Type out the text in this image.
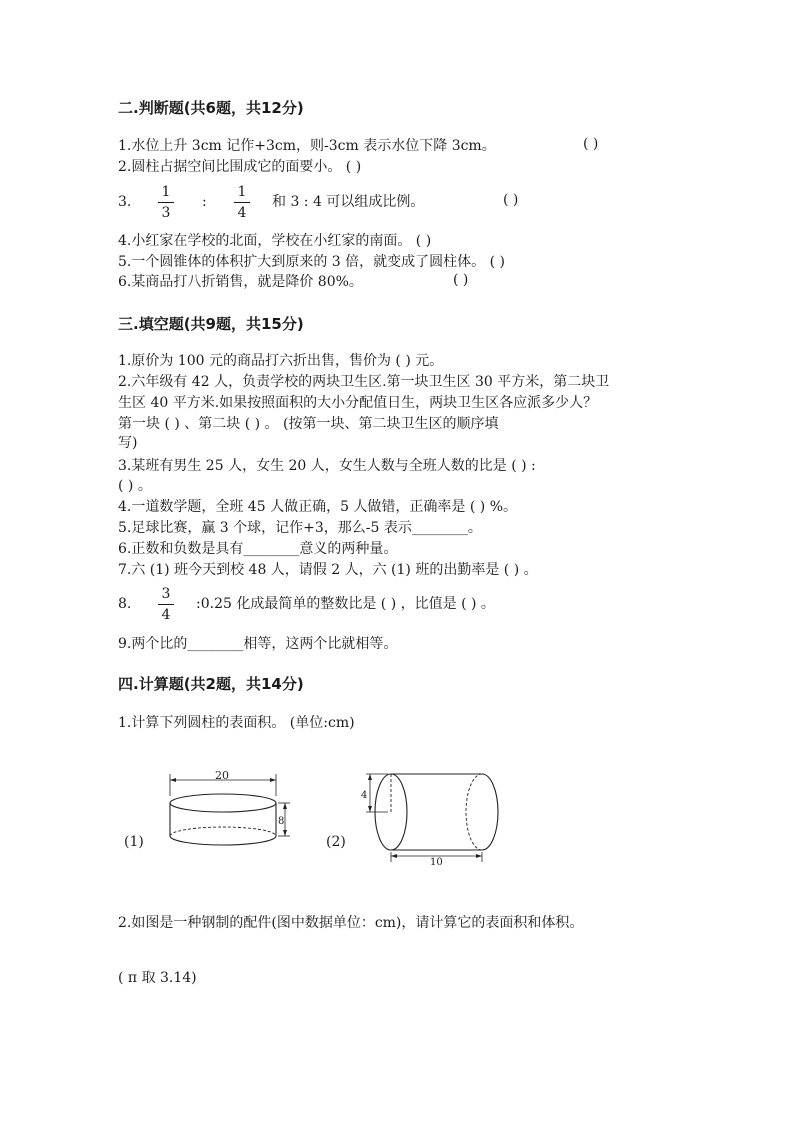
二.判断题(共6题，共12分)
1.水位上升 3cm 记作+3cm，则-3cm 表示水位下降 3cm。	( )
2.圆柱占据空间比围成它的面要小。 ( )
3.
1
3
:
1
4
和 3 : 4 可以组成比例。	( )
4.小红家在学校的北面，学校在小红家的南面。 ( )
5.一个圆锥体的体积扩大到原来的 3 倍，就变成了圆柱体。 ( )
6.某商品打八折销售，就是降价 80%。	( )
三.填空题(共9题，共15分)
1.原价为 100 元的商品打六折出售，售价为 ( ) 元。
2.六年级有 42 人，负责学校的两块卫生区.第一块卫生区 30 平方米，第二块卫
生区 40 平方米.如果按照面积的大小分配值日生，两块卫生区各应派多少人？
第一块 ( ) 、第二块 ( ) 。 (按第一块、第二块卫生区的顺序填
写)
3.某班有男生 25 人，女生 20 人，女生人数与全班人数的比是 ( ) :
( ) 。
4.一道数学题，全班 45 人做正确，5 人做错，正确率是 ( ) %。
5.足球比赛，赢 3 个球，记作+3，那么-5 表示________。
6.正数和负数是具有________意义的两种量。
7.六 (1) 班今天到校 48 人，请假 2 人，六 (1) 班的出勤率是 ( ) 。
8.
3
4
:0.25 化成最简单的整数比是 ( ) ，比值是 ( ) 。
9.两个比的________相等，这两个比就相等。
四.计算题(共2题，共14分)
1.计算下列圆柱的表面积。 (单位:cm)
(1)
20
8
(2)
4
10
2.如图是一种钢制的配件(图中数据单位：cm)，请计算它的表面积和体积。
( π 取 3.14)
